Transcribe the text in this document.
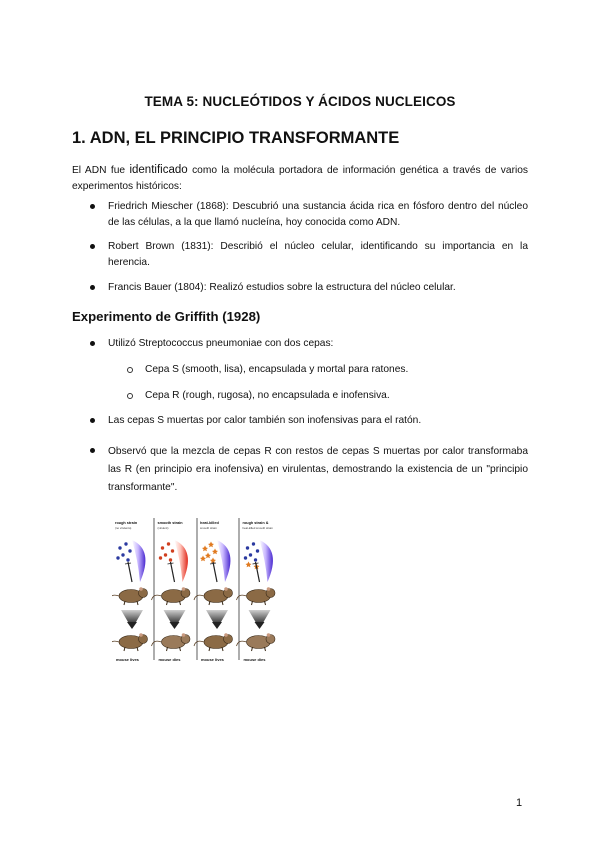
TEMA 5: NUCLEÓTIDOS Y ÁCIDOS NUCLEICOS
1. ADN, EL PRINCIPIO TRANSFORMANTE
El ADN fue identificado como la molécula portadora de información genética a través de varios experimentos históricos:
Friedrich Miescher (1868): Descubrió una sustancia ácida rica en fósforo dentro del núcleo de las células, a la que llamó nucleína, hoy conocida como ADN.
Robert Brown (1831): Describió el núcleo celular, identificando su importancia en la herencia.
Francis Bauer (1804): Realizó estudios sobre la estructura del núcleo celular.
Experimento de Griffith (1928)
Utilizó Streptococcus pneumoniae con dos cepas:
Cepa S (smooth, lisa), encapsulada y mortal para ratones.
Cepa R (rough, rugosa), no encapsulada e inofensiva.
Las cepas S muertas por calor también son inofensivas para el ratón.
Observó que la mezcla de cepas R con restos de cepas S muertas por calor transformaba las R (en principio era inofensiva) en virulentas, demostrando la existencia de un "principio transformante".
rough strain
(no virulento)
mouse lives
smooth strain
(virulent)
mouse dies
heat-killed
smooth strain
mouse lives
rough strain &
heat-killed smooth strain
mouse dies
1
